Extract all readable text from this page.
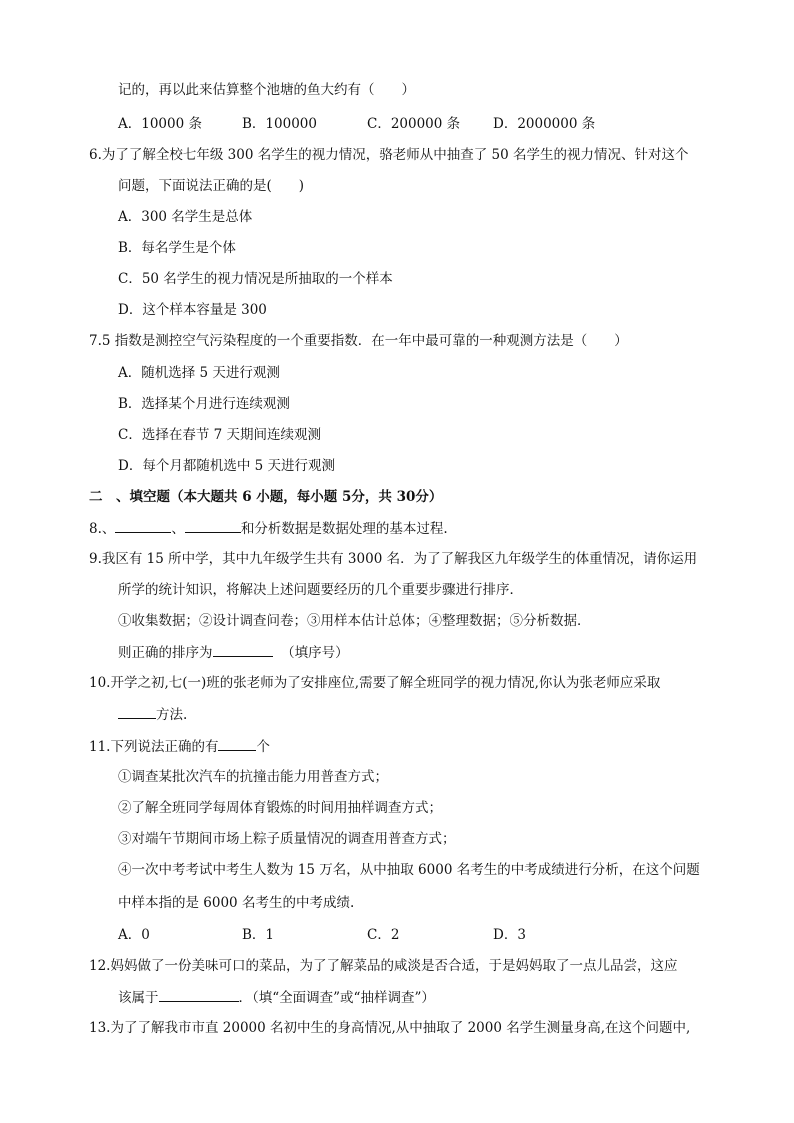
记的，再以此来估算整个池塘的鱼大约有（　　）
A．10000 条	B．100000	C．200000 条 D．2000000 条
6.为了了解全校七年级 300 名学生的视力情况，骆老师从中抽查了 50 名学生的视力情况、针对这个
问题，下面说法正确的是(　　)
A．300 名学生是总体
B．每名学生是个体
C．50 名学生的视力情况是所抽取的一个样本
D．这个样本容量是 300
7.5 指数是测控空气污染程度的一个重要指数．在一年中最可靠的一种观测方法是（　　）
A．随机选择 5 天进行观测
B．选择某个月进行连续观测
C．选择在春节 7 天期间连续观测
D．每个月都随机选中 5 天进行观测
二　、填空题（本大题共 6 小题，每小题 5分，共 30分）
8.、	、	和分析数据是数据处理的基本过程.
9.我区有 15 所中学，其中九年级学生共有 3000 名．为了了解我区九年级学生的体重情况，请你运用
所学的统计知识，将解决上述问题要经历的几个重要步骤进行排序．
①收集数据；②设计调查问卷；③用样本估计总体；④整理数据；⑤分析数据．
则正确的排序为	（填序号）
10.开学之初,七(一)班的张老师为了安排座位,需要了解全班同学的视力情况,你认为张老师应采取
方法.
11.下列说法正确的有	个
①调查某批次汽车的抗撞击能力用普查方式；
②了解全班同学每周体育锻炼的时间用抽样调查方式；
③对端午节期间市场上粽子质量情况的调查用普查方式；
④一次中考考试中考生人数为 15 万名，从中抽取 6000 名考生的中考成绩进行分析，在这个问题
中样本指的是 6000 名考生的中考成绩.
A．0	B．1	C．2	D．3
12.妈妈做了一份美味可口的菜品，为了了解菜品的咸淡是否合适，于是妈妈取了一点儿品尝，这应
该属于	．（填“全面调查”或“抽样调查”）
13.为了了解我市市直 20000 名初中生的身高情况,从中抽取了 2000 名学生测量身高,在这个问题中,
